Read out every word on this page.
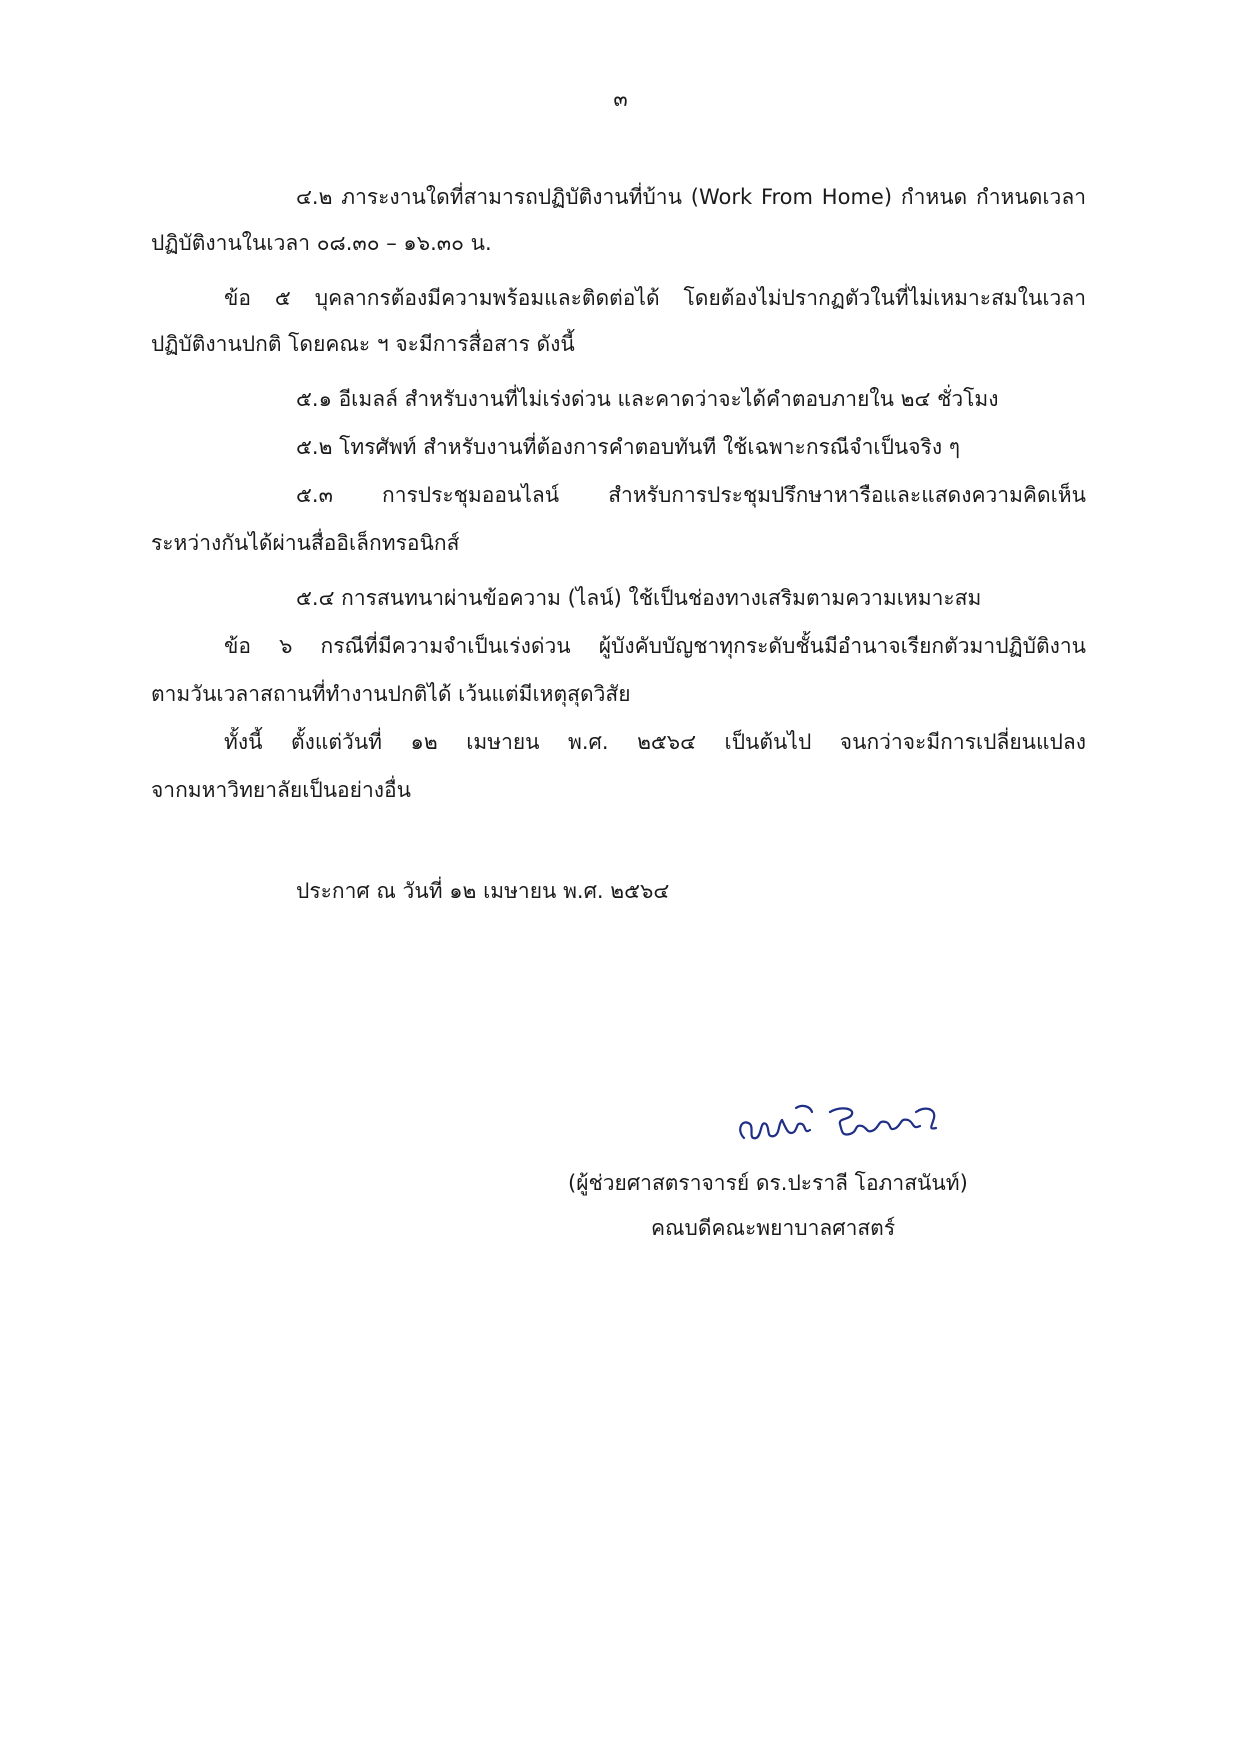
๓
๔.๒ ภาระงานใดที่สามารถปฏิบัติงานที่บ้าน (Work From Home) กำหนด กำหนดเวลา
ปฏิบัติงานในเวลา ๐๘.๓๐ – ๑๖.๓๐ น.
ข้อ ๕ บุคลากรต้องมีความพร้อมและติดต่อได้ โดยต้องไม่ปรากฏตัวในที่ไม่เหมาะสมในเวลา
ปฏิบัติงานปกติ โดยคณะ ฯ จะมีการสื่อสาร ดังนี้
๕.๑ อีเมลล์ สำหรับงานที่ไม่เร่งด่วน และคาดว่าจะได้คำตอบภายใน ๒๔ ชั่วโมง
๕.๒ โทรศัพท์ สำหรับงานที่ต้องการคำตอบทันที ใช้เฉพาะกรณีจำเป็นจริง ๆ
๕.๓ การประชุมออนไลน์ สำหรับการประชุมปรึกษาหารือและแสดงความคิดเห็น
ระหว่างกันได้ผ่านสื่ออิเล็กทรอนิกส์
๕.๔ การสนทนาผ่านข้อความ (ไลน์) ใช้เป็นช่องทางเสริมตามความเหมาะสม
ข้อ ๖ กรณีที่มีความจำเป็นเร่งด่วน ผู้บังคับบัญชาทุกระดับชั้นมีอำนาจเรียกตัวมาปฏิบัติงาน
ตามวันเวลาสถานที่ทำงานปกติได้ เว้นแต่มีเหตุสุดวิสัย
ทั้งนี้ ตั้งแต่วันที่ ๑๒ เมษายน พ.ศ. ๒๕๖๔ เป็นต้นไป จนกว่าจะมีการเปลี่ยนแปลง
จากมหาวิทยาลัยเป็นอย่างอื่น
ประกาศ ณ วันที่ ๑๒ เมษายน พ.ศ. ๒๕๖๔
(ผู้ช่วยศาสตราจารย์ ดร.ปะราลี โอภาสนันท์)
คณบดีคณะพยาบาลศาสตร์
